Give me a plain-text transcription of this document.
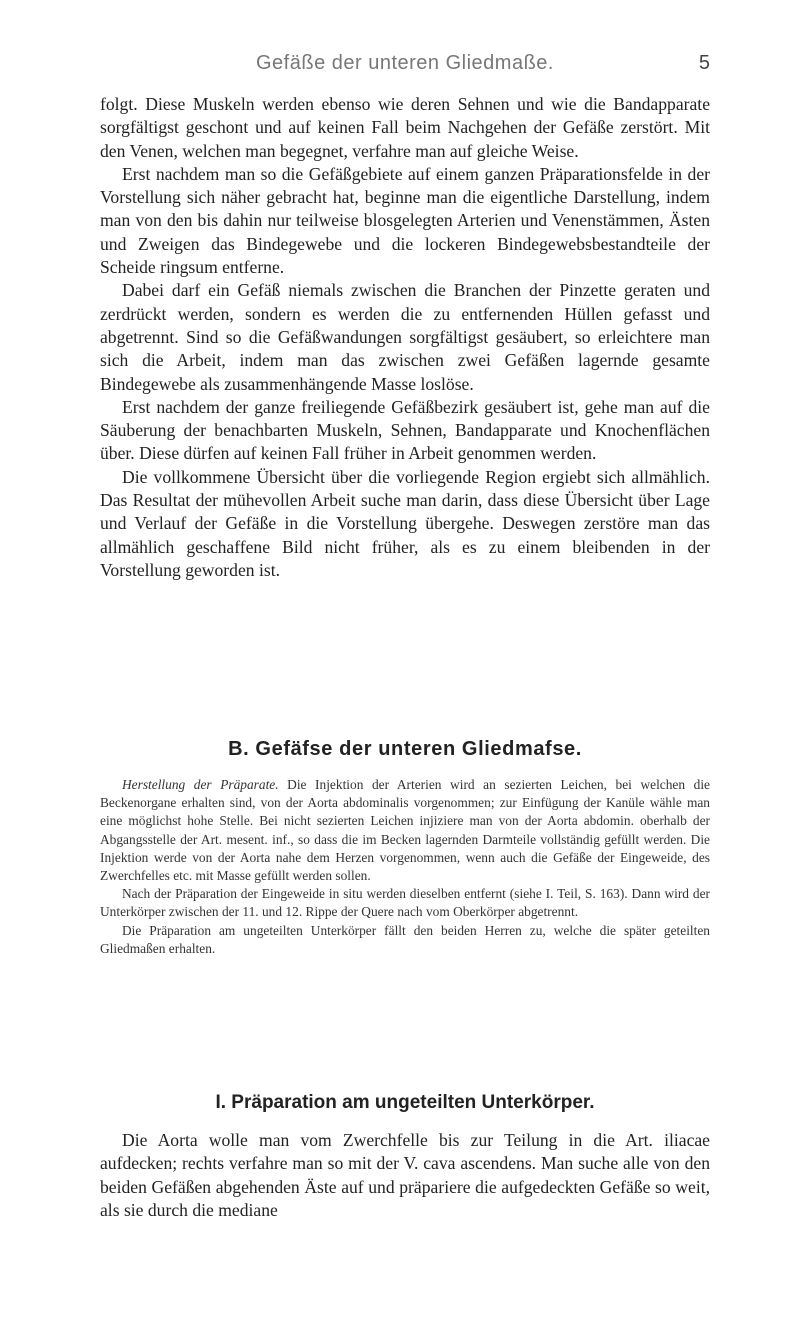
Gefäße der unteren Gliedmaße.	5

folgt. Diese Muskeln werden ebenso wie deren Sehnen und wie die Bandapparate sorgfältigst geschont und auf keinen Fall beim Nachgehen der Gefäße zerstört. Mit den Venen, welchen man begegnet, verfahre man auf gleiche Weise.

Erst nachdem man so die Gefäßgebiete auf einem ganzen Präparationsfelde in der Vorstellung sich näher gebracht hat, beginne man die eigentliche Darstellung, indem man von den bis dahin nur teilweise blosgelegten Arterien und Venenstämmen, Ästen und Zweigen das Bindegewebe und die lockeren Bindegewebsbestandteile der Scheide ringsum entferne.

Dabei darf ein Gefäß niemals zwischen die Branchen der Pinzette geraten und zerdrückt werden, sondern es werden die zu entfernenden Hüllen gefasst und abgetrennt. Sind so die Gefäßwandungen sorgfältigst gesäubert, so erleichtere man sich die Arbeit, indem man das zwischen zwei Gefäßen lagernde gesamte Bindegewebe als zusammenhängende Masse loslöse.

Erst nachdem der ganze freiliegende Gefäßbezirk gesäubert ist, gehe man auf die Säuberung der benachbarten Muskeln, Sehnen, Bandapparate und Knochenflächen über. Diese dürfen auf keinen Fall früher in Arbeit genommen werden.

Die vollkommene Übersicht über die vorliegende Region ergiebt sich allmählich. Das Resultat der mühevollen Arbeit suche man darin, dass diese Übersicht über Lage und Verlauf der Gefäße in die Vorstellung übergehe. Deswegen zerstöre man das allmählich geschaffene Bild nicht früher, als es zu einem bleibenden in der Vorstellung geworden ist.

B. Gefäfse der unteren Gliedmafse.

Herstellung der Präparate. Die Injektion der Arterien wird an sezierten Leichen, bei welchen die Beckenorgane erhalten sind, von der Aorta abdominalis vorgenommen; zur Einfügung der Kanüle wähle man eine möglichst hohe Stelle. Bei nicht sezierten Leichen injiziere man von der Aorta abdomin. oberhalb der Abgangsstelle der Art. mesent. inf., so dass die im Becken lagernden Darmteile vollständig gefüllt werden. Die Injektion werde von der Aorta nahe dem Herzen vorgenommen, wenn auch die Gefäße der Eingeweide, des Zwerchfelles etc. mit Masse gefüllt werden sollen.

Nach der Präparation der Eingeweide in situ werden dieselben entfernt (siehe I. Teil, S. 163). Dann wird der Unterkörper zwischen der 11. und 12. Rippe der Quere nach vom Oberkörper abgetrennt.

Die Präparation am ungeteilten Unterkörper fällt den beiden Herren zu, welche die später geteilten Gliedmaßen erhalten.

I. Präparation am ungeteilten Unterkörper.

Die Aorta wolle man vom Zwerchfelle bis zur Teilung in die Art. iliacae aufdecken; rechts verfahre man so mit der V. cava ascendens. Man suche alle von den beiden Gefäßen abgehenden Äste auf und präpariere die aufgedeckten Gefäße so weit, als sie durch die mediane
